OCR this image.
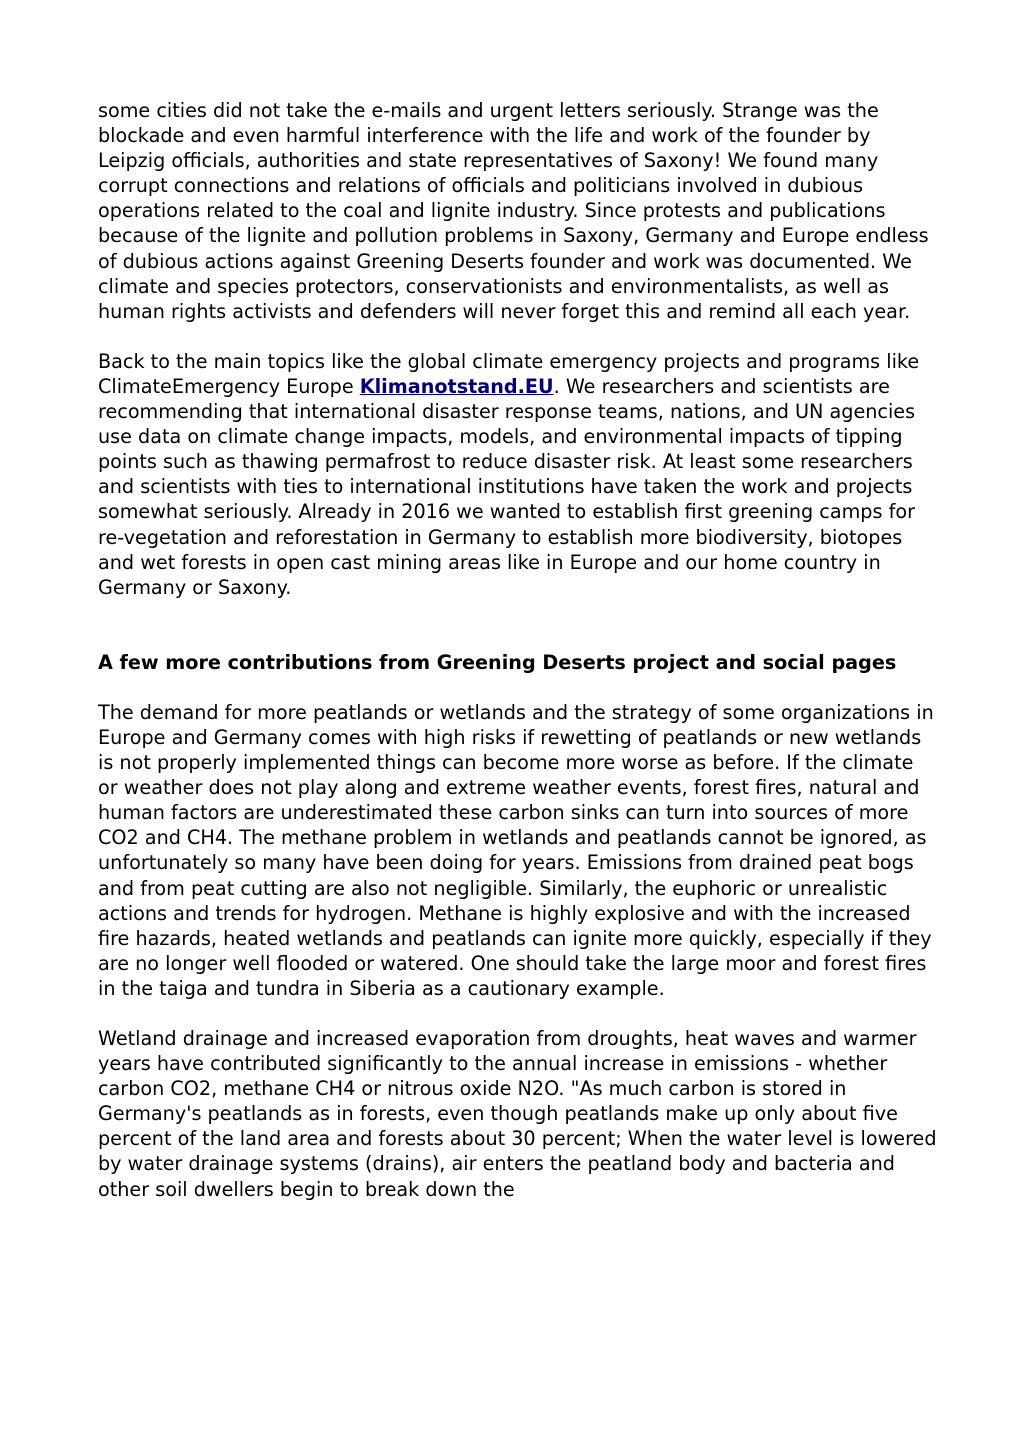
some cities did not take the e-mails and urgent letters seriously. Strange was the blockade and even harmful interference with the life and work of the founder by Leipzig officials, authorities and state representatives of Saxony! We found many corrupt connections and relations of officials and politicians involved in dubious operations related to the coal and lignite industry. Since protests and publications because of the lignite and pollution problems in Saxony, Germany and Europe endless of dubious actions against Greening Deserts founder and work was documented. We climate and species protectors, conservationists and environmentalists, as well as human rights activists and defenders will never forget this and remind all each year.

Back to the main topics like the global climate emergency projects and programs like ClimateEmergency Europe Klimanotstand.EU. We researchers and scientists are recommending that international disaster response teams, nations, and UN agencies use data on climate change impacts, models, and environmental impacts of tipping points such as thawing permafrost to reduce disaster risk. At least some researchers and scientists with ties to international institutions have taken the work and projects somewhat seriously. Already in 2016 we wanted to establish first greening camps for re-vegetation and reforestation in Germany to establish more biodiversity, biotopes and wet forests in open cast mining areas like in Europe and our home country in Germany or Saxony.

A few more contributions from Greening Deserts project and social pages

The demand for more peatlands or wetlands and the strategy of some organizations in Europe and Germany comes with high risks if rewetting of peatlands or new wetlands is not properly implemented things can become more worse as before. If the climate or weather does not play along and extreme weather events, forest fires, natural and human factors are underestimated these carbon sinks can turn into sources of more CO2 and CH4. The methane problem in wetlands and peatlands cannot be ignored, as unfortunately so many have been doing for years. Emissions from drained peat bogs and from peat cutting are also not negligible. Similarly, the euphoric or unrealistic actions and trends for hydrogen. Methane is highly explosive and with the increased fire hazards, heated wetlands and peatlands can ignite more quickly, especially if they are no longer well flooded or watered. One should take the large moor and forest fires in the taiga and tundra in Siberia as a cautionary example.

Wetland drainage and increased evaporation from droughts, heat waves and warmer years have contributed significantly to the annual increase in emissions - whether carbon CO2, methane CH4 or nitrous oxide N2O. "As much carbon is stored in Germany's peatlands as in forests, even though peatlands make up only about five percent of the land area and forests about 30 percent; When the water level is lowered by water drainage systems (drains), air enters the peatland body and bacteria and other soil dwellers begin to break down the
